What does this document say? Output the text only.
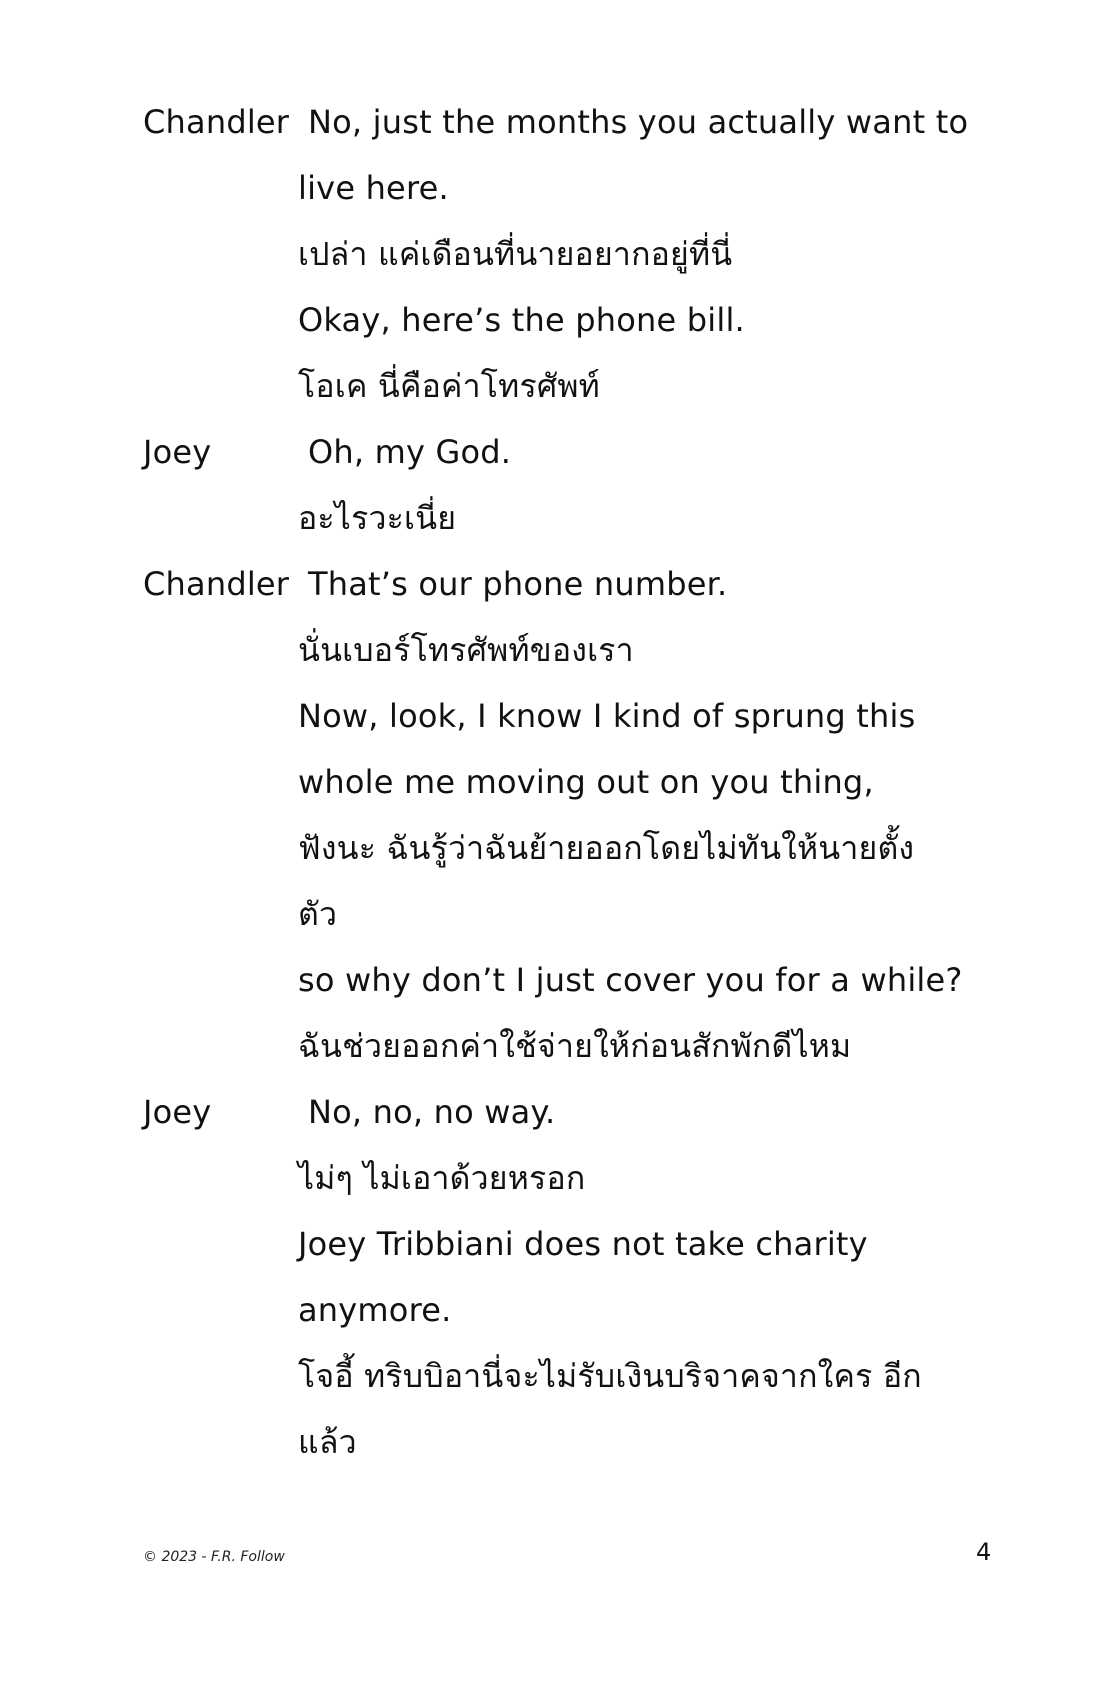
Chandler No, just the months you actually want to
live here.
เปล่า แค่เดือนที่นายอยากอยู่ที่นี่
Okay, here’s the phone bill.
โอเค นี่คือค่าโทรศัพท์
Joey	Oh, my God.
อะไรวะเนี่ย
Chandler That’s our phone number.
นั่นเบอร์โทรศัพท์ของเรา
Now, look, I know I kind of sprung this
whole me moving out on you thing,
ฟังนะ ฉันรู้ว่าฉันย้ายออกโดยไม่ทันให้นายตั้ง
ตัว
so why don’t I just cover you for a while?
ฉันช่วยออกค่าใช้จ่ายให้ก่อนสักพักดีไหม
Joey	No, no, no way.
ไม่ๆ ไม่เอาด้วยหรอก
Joey Tribbiani does not take charity
anymore.
โจอี้ ทริบบิอานี่จะไม่รับเงินบริจาคจากใคร อีก
แล้ว
© 2023 - F.R. Follow	4
